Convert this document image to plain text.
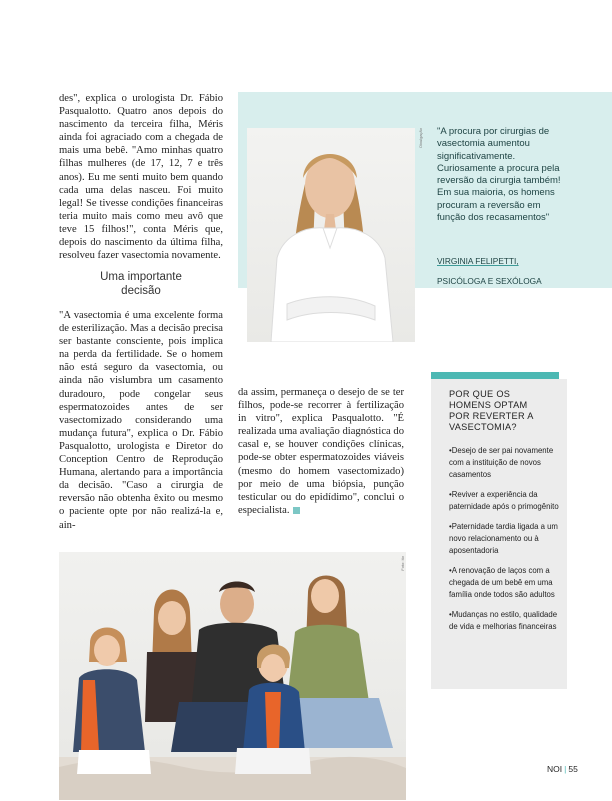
des", explica o urologista Dr. Fábio Pasqualotto. Quatro anos depois do nascimento da terceira filha, Méris ainda foi agraciado com a chegada de mais uma bebê. "Amo minhas quatro filhas mulheres (de 17, 12, 7 e três anos). Eu me senti muito bem quando cada uma delas nasceu. Foi muito legal! Se tivesse condições financeiras teria muito mais como meu avô que teve 15 filhos!", conta Méris que, depois do nascimento da última filha, resolveu fazer vasectomia novamente.

Uma importante
decisão

"A vasectomia é uma excelente forma de esterilização. Mas a decisão precisa ser bastante consciente, pois implica na perda da fertilidade. Se o homem não está seguro da vasectomia, ou ainda não vislumbra um casamento duradouro, pode congelar seus espermatozoides antes de ser vasectomizado considerando uma mudança futura", explica o Dr. Fábio Pasqualotto, urologista e Diretor do Conception Centro de Reprodução Humana, alertando para a importância da decisão. "Caso a cirurgia de reversão não obtenha êxito ou mesmo o paciente opte por não realizá-la e, ain-

da assim, permaneça o desejo de se ter filhos, pode-se recorrer à fertilização in vitro", explica Pasqualotto. "É realizada uma avaliação diagnóstica do casal e, se houver condições clínicas, pode-se obter espermatozoides viáveis (mesmo do homem vasectomizado) por meio de uma biópsia, punção testicular ou do epidídimo", conclui o especialista.

Divulgação "A procura por cirurgias de vasectomia aumentou significativamente. Curiosamente a procura pela reversão da cirurgia também! Em sua maioria, os homens procuram a reversão em função dos recasamentos"

VIRGINIA FELIPETTI,

PSICÓLOGA E SEXÓLOGA

POR QUE OS
HOMENS OPTAM
POR REVERTER A
VASECTOMIA?
•Desejo de ser pai novamente com a instituição de novos casamentos
•Reviver a experiência da paternidade após o primogênito
•Paternidade tardia ligada a um novo relacionamento ou à aposentadoria
•A renovação de laços com a chegada de um bebê em uma família onde todos são adultos
•Mudanças no estilo, qualidade de vida e melhorias financeiras
Foto: Ito
NOI | 55
